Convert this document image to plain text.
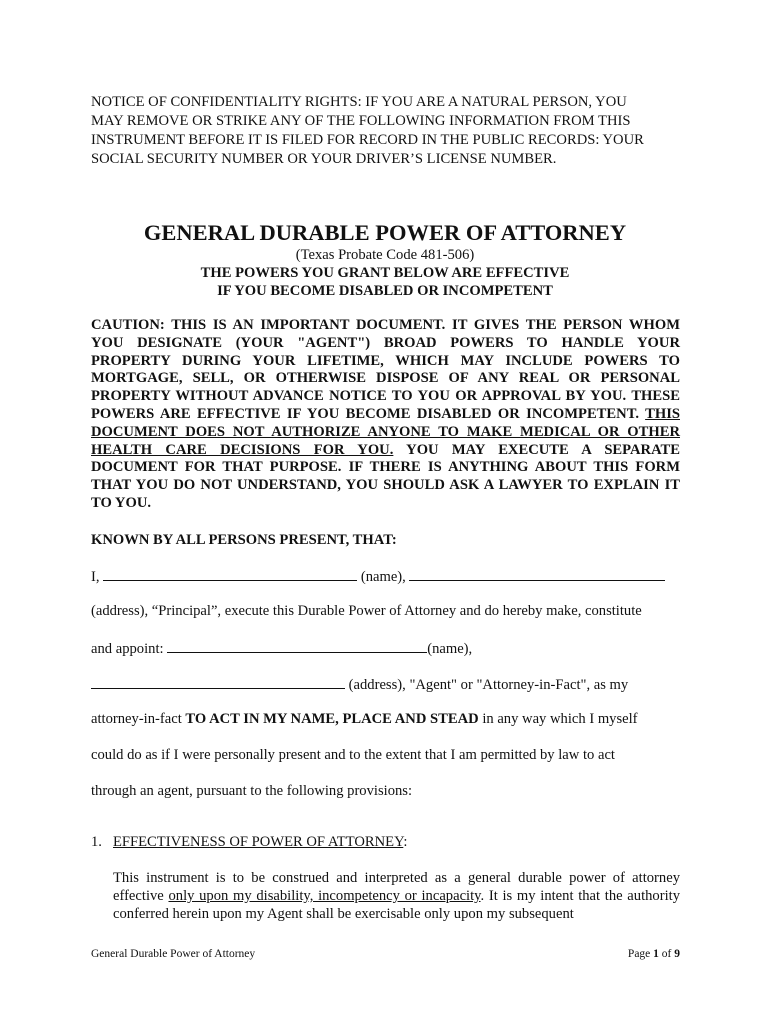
NOTICE OF CONFIDENTIALITY RIGHTS: IF YOU ARE A NATURAL PERSON, YOU
MAY REMOVE OR STRIKE ANY OF THE FOLLOWING INFORMATION FROM THIS
INSTRUMENT BEFORE IT IS FILED FOR RECORD IN THE PUBLIC RECORDS: YOUR
SOCIAL SECURITY NUMBER OR YOUR DRIVER’S LICENSE NUMBER.

GENERAL DURABLE POWER OF ATTORNEY

(Texas Probate Code 481-506)

THE POWERS YOU GRANT BELOW ARE EFFECTIVE

IF YOU BECOME DISABLED OR INCOMPETENT

CAUTION: THIS IS AN IMPORTANT DOCUMENT. IT GIVES THE PERSON WHOM YOU DESIGNATE (YOUR "AGENT") BROAD POWERS TO HANDLE YOUR PROPERTY DURING YOUR LIFETIME, WHICH MAY INCLUDE POWERS TO MORTGAGE, SELL, OR OTHERWISE DISPOSE OF ANY REAL OR PERSONAL PROPERTY WITHOUT ADVANCE NOTICE TO YOU OR APPROVAL BY YOU. THESE POWERS ARE EFFECTIVE IF YOU BECOME DISABLED OR INCOMPETENT. THIS DOCUMENT DOES NOT AUTHORIZE ANYONE TO MAKE MEDICAL OR OTHER HEALTH CARE DECISIONS FOR YOU. YOU MAY EXECUTE A SEPARATE DOCUMENT FOR THAT PURPOSE. IF THERE IS ANYTHING ABOUT THIS FORM THAT YOU DO NOT UNDERSTAND, YOU SHOULD ASK A LAWYER TO EXPLAIN IT TO YOU.

KNOWN BY ALL PERSONS PRESENT, THAT:

I,	(name),

(address), “Principal”, execute this Durable Power of Attorney and do hereby make, constitute

and appoint:	(name),

(address), "Agent" or "Attorney-in-Fact", as my

attorney-in-fact TO ACT IN MY NAME, PLACE AND STEAD in any way which I myself

could do as if I were personally present and to the extent that I am permitted by law to act

through an agent, pursuant to the following provisions:

1. EFFECTIVENESS OF POWER OF ATTORNEY:

This instrument is to be construed and interpreted as a general durable power of attorney effective only upon my disability, incompetency or incapacity. It is my intent that the authority conferred herein upon my Agent shall be exercisable only upon my subsequent

General Durable Power of Attorney	Page 1 of 9
